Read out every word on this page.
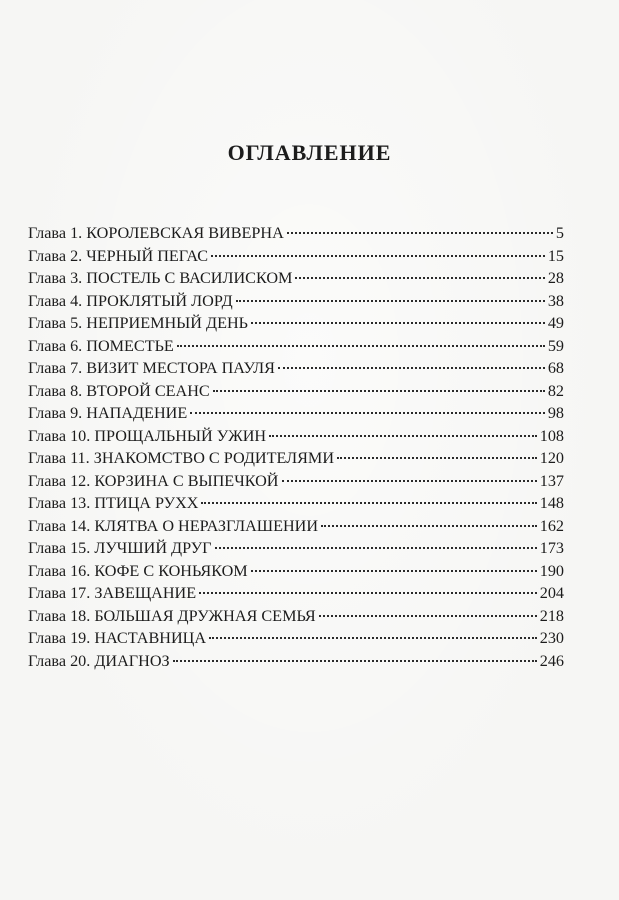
ОГЛАВЛЕНИЕ
Глава 1. КОРОЛЕВСКАЯ ВИВЕРНА	5
Глава 2. ЧЕРНЫЙ ПЕГАС	15
Глава 3. ПОСТЕЛЬ С ВАСИЛИСКОМ	28
Глава 4. ПРОКЛЯТЫЙ ЛОРД	38
Глава 5. НЕПРИЕМНЫЙ ДЕНЬ	49
Глава 6. ПОМЕСТЬЕ	59
Глава 7. ВИЗИТ МЕСТОРА ПАУЛЯ	68
Глава 8. ВТОРОЙ СЕАНС	82
Глава 9. НАПАДЕНИЕ	98
Глава 10. ПРОЩАЛЬНЫЙ УЖИН	108
Глава 11. ЗНАКОМСТВО С РОДИТЕЛЯМИ	120
Глава 12. КОРЗИНА С ВЫПЕЧКОЙ	137
Глава 13. ПТИЦА РУХХ	148
Глава 14. КЛЯТВА О НЕРАЗГЛАШЕНИИ	162
Глава 15. ЛУЧШИЙ ДРУГ	173
Глава 16. КОФЕ С КОНЬЯКОМ	190
Глава 17. ЗАВЕЩАНИЕ	204
Глава 18. БОЛЬШАЯ ДРУЖНАЯ СЕМЬЯ	218
Глава 19. НАСТАВНИЦА	230
Глава 20. ДИАГНОЗ	246
